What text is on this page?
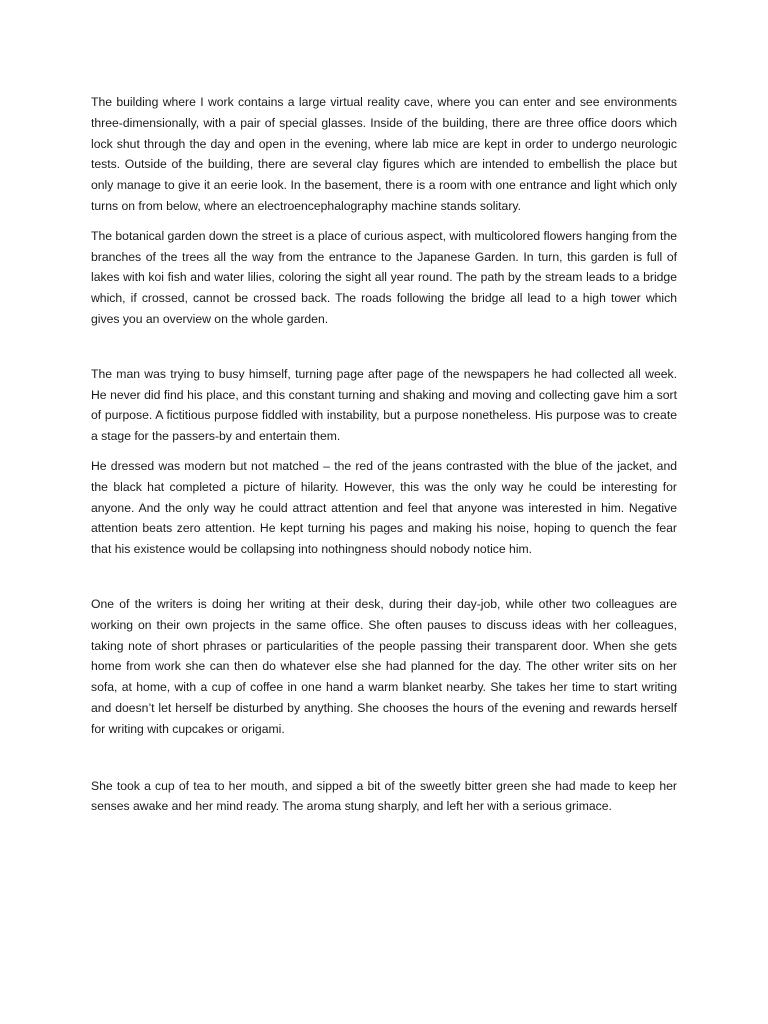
The building where I work contains a large virtual reality cave, where you can enter and see environments three-dimensionally, with a pair of special glasses. Inside of the building, there are three office doors which lock shut through the day and open in the evening, where lab mice are kept in order to undergo neurologic tests. Outside of the building, there are several clay figures which are intended to embellish the place but only manage to give it an eerie look. In the basement, there is a room with one entrance and light which only turns on from below, where an electroencephalography machine stands solitary.

The botanical garden down the street is a place of curious aspect, with multicolored flowers hanging from the branches of the trees all the way from the entrance to the Japanese Garden. In turn, this garden is full of lakes with koi fish and water lilies, coloring the sight all year round. The path by the stream leads to a bridge which, if crossed, cannot be crossed back. The roads following the bridge all lead to a high tower which gives you an overview on the whole garden.

The man was trying to busy himself, turning page after page of the newspapers he had collected all week. He never did find his place, and this constant turning and shaking and moving and collecting gave him a sort of purpose. A fictitious purpose fiddled with instability, but a purpose nonetheless. His purpose was to create a stage for the passers-by and entertain them.

He dressed was modern but not matched – the red of the jeans contrasted with the blue of the jacket, and the black hat completed a picture of hilarity. However, this was the only way he could be interesting for anyone. And the only way he could attract attention and feel that anyone was interested in him. Negative attention beats zero attention. He kept turning his pages and making his noise, hoping to quench the fear that his existence would be collapsing into nothingness should nobody notice him.

One of the writers is doing her writing at their desk, during their day-job, while other two colleagues are working on their own projects in the same office. She often pauses to discuss ideas with her colleagues, taking note of short phrases or particularities of the people passing their transparent door. When she gets home from work she can then do whatever else she had planned for the day. The other writer sits on her sofa, at home, with a cup of coffee in one hand a warm blanket nearby. She takes her time to start writing and doesn’t let herself be disturbed by anything. She chooses the hours of the evening and rewards herself for writing with cupcakes or origami.

She took a cup of tea to her mouth, and sipped a bit of the sweetly bitter green she had made to keep her senses awake and her mind ready. The aroma stung sharply, and left her with a serious grimace.
